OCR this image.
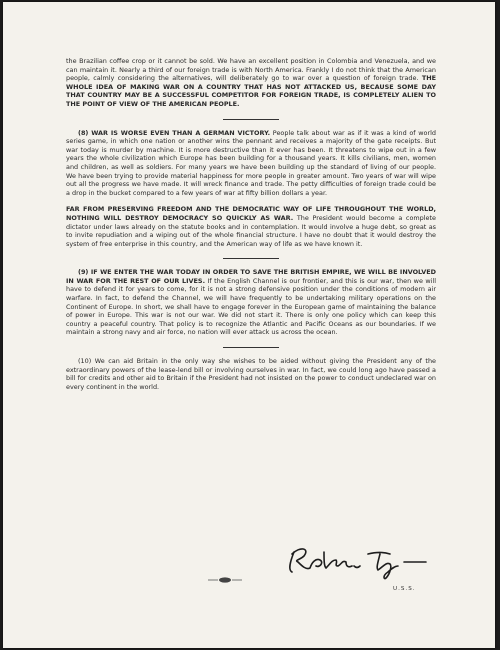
the Brazilian coffee crop or it cannot be sold. We have an excellent position in Colombia and Venezuela, and we can maintain it. Nearly a third of our foreign trade is with North America. Frankly I do not think that the American people, calmly considering the alternatives, will deliberately go to war over a question of foreign trade. THE WHOLE IDEA OF MAKING WAR ON A COUNTRY THAT HAS NOT ATTACKED US, BECAUSE SOME DAY THAT COUNTRY MAY BE A SUCCESSFUL COMPETITOR FOR FOREIGN TRADE, IS COMPLETELY ALIEN TO THE POINT OF VIEW OF THE AMERICAN PEOPLE.

(8) WAR IS WORSE EVEN THAN A GERMAN VICTORY. People talk about war as if it was a kind of world series game, in which one nation or another wins the pennant and receives a majority of the gate receipts. But war today is murder by machine. It is more destructive than it ever has been. It threatens to wipe out in a few years the whole civilization which Europe has been building for a thousand years. It kills civilians, men, women and children, as well as soldiers. For many years we have been building up the standard of living of our people. We have been trying to provide material happiness for more people in greater amount. Two years of war will wipe out all the progress we have made. It will wreck finance and trade. The petty difficulties of foreign trade could be a drop in the bucket compared to a few years of war at fifty billion dollars a year.

FAR FROM PRESERVING FREEDOM AND THE DEMOCRATIC WAY OF LIFE THROUGHOUT THE WORLD, NOTHING WILL DESTROY DEMOCRACY SO QUICKLY AS WAR. The President would become a complete dictator under laws already on the statute books and in contemplation. It would involve a huge debt, so great as to invite repudiation and a wiping out of the whole financial structure. I have no doubt that it would destroy the system of free enterprise in this country, and the American way of life as we have known it.

(9) IF WE ENTER THE WAR TODAY IN ORDER TO SAVE THE BRITISH EMPIRE, WE WILL BE INVOLVED IN WAR FOR THE REST OF OUR LIVES. If the English Channel is our frontier, and this is our war, then we will have to defend it for years to come, for it is not a strong defensive position under the conditions of modern air warfare. In fact, to defend the Channel, we will have frequently to be undertaking military operations on the Continent of Europe. In short, we shall have to engage forever in the European game of maintaining the balance of power in Europe. This war is not our war. We did not start it. There is only one policy which can keep this country a peaceful country. That policy is to recognize the Atlantic and Pacific Oceans as our boundaries. If we maintain a strong navy and air force, no nation will ever attack us across the ocean.

(10) We can aid Britain in the only way she wishes to be aided without giving the President any of the extraordinary powers of the lease-lend bill or involving ourselves in war. In fact, we could long ago have passed a bill for credits and other aid to Britain if the President had not insisted on the power to conduct undeclared war on every continent in the world.

U.S.S.
